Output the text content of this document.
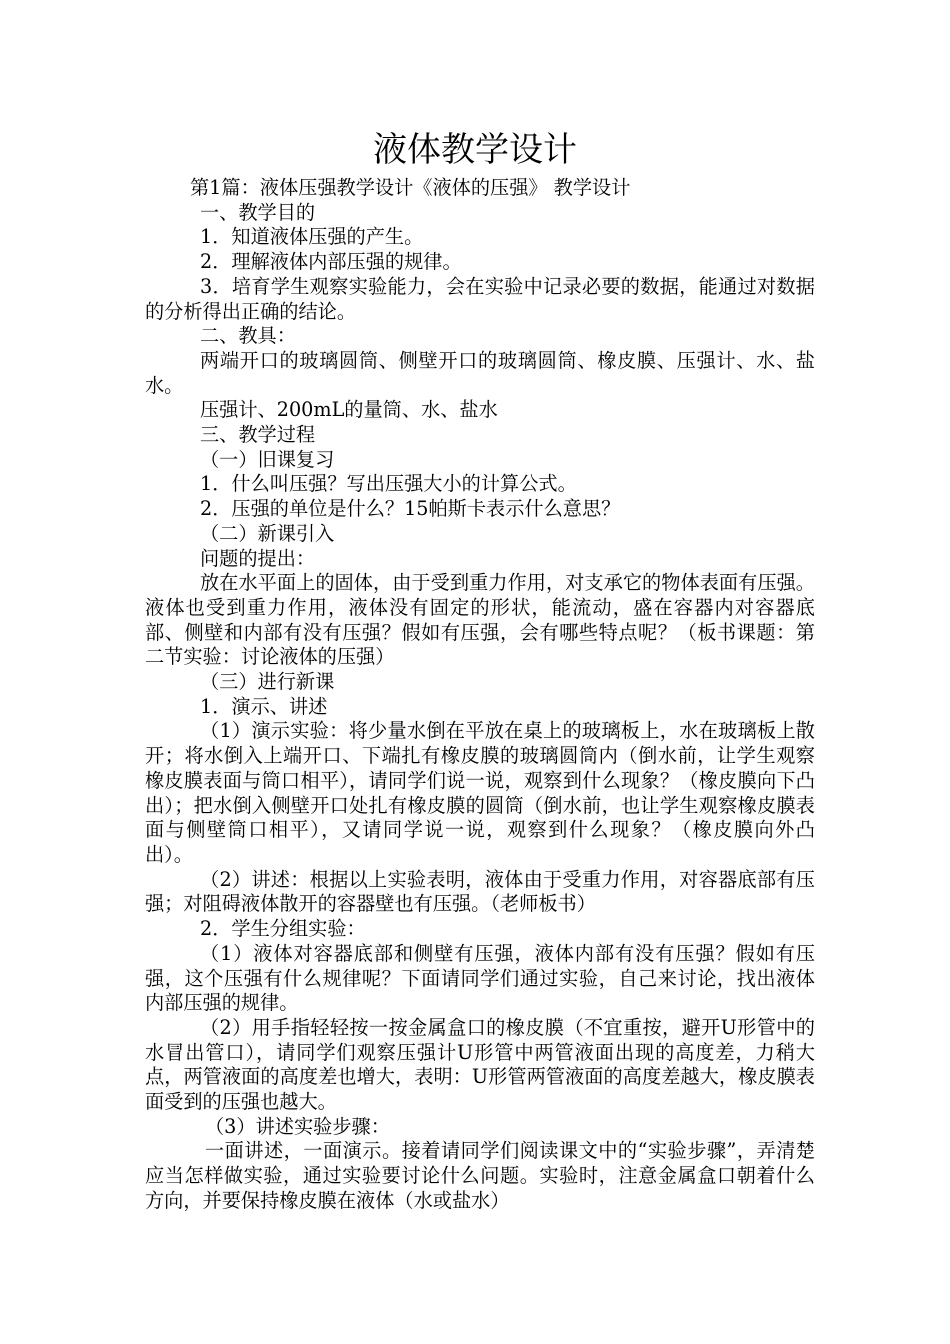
液体教学设计

第1篇：液体压强教学设计《液体的压强》 教学设计

一、教学目的

1．知道液体压强的产生。

2．理解液体内部压强的规律。

3．培育学生观察实验能力，会在实验中记录必要的数据，能通过对数据的分析得出正确的结论。

二、教具：

两端开口的玻璃圆筒、侧壁开口的玻璃圆筒、橡皮膜、压强计、水、盐水。

压强计、200mL的量筒、水、盐水

三、教学过程

（一）旧课复习

1．什么叫压强？写出压强大小的计算公式。

2．压强的单位是什么？15帕斯卡表示什么意思？

（二）新课引入

问题的提出：

放在水平面上的固体，由于受到重力作用，对支承它的物体表面有压强。液体也受到重力作用，液体没有固定的形状，能流动，盛在容器内对容器底部、侧壁和内部有没有压强？假如有压强，会有哪些特点呢？（板书课题：第二节实验：讨论液体的压强）

（三）进行新课

1．演示、讲述

（1）演示实验：将少量水倒在平放在桌上的玻璃板上，水在玻璃板上散开；将水倒入上端开口、下端扎有橡皮膜的玻璃圆筒内（倒水前，让学生观察橡皮膜表面与筒口相平），请同学们说一说，观察到什么现象？（橡皮膜向下凸出）；把水倒入侧壁开口处扎有橡皮膜的圆筒（倒水前，也让学生观察橡皮膜表面与侧壁筒口相平），又请同学说一说，观察到什么现象？（橡皮膜向外凸出）。

（2）讲述：根据以上实验表明，液体由于受重力作用，对容器底部有压强；对阻碍液体散开的容器壁也有压强。（老师板书）

2．学生分组实验：

（1）液体对容器底部和侧壁有压强，液体内部有没有压强？假如有压强，这个压强有什么规律呢？下面请同学们通过实验，自己来讨论，找出液体内部压强的规律。

（2）用手指轻轻按一按金属盒口的橡皮膜（不宜重按，避开U形管中的水冒出管口），请同学们观察压强计U形管中两管液面出现的高度差，力稍大点，两管液面的高度差也增大，表明：U形管两管液面的高度差越大，橡皮膜表面受到的压强也越大。

（3）讲述实验步骤：

一面讲述，一面演示。接着请同学们阅读课文中的“实验步骤”，弄清楚应当怎样做实验，通过实验要讨论什么问题。实验时，注意金属盒口朝着什么方向，并要保持橡皮膜在液体（水或盐水）
